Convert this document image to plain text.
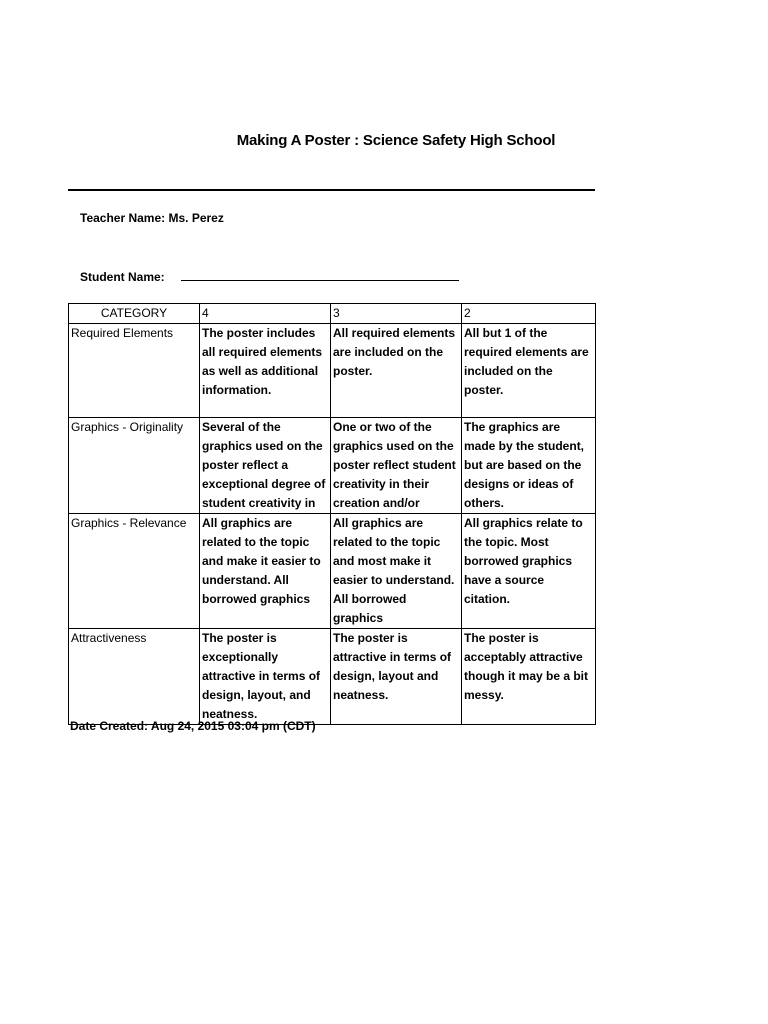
Making A Poster : Science Safety High School
Teacher Name: Ms. Perez
Student Name:
CATEGORY	4	3	2
Required Elements	The poster includes all required elements as well as additional information.	All required elements are included on the poster.	All but 1 of the required elements are included on the poster.
Graphics - Originality	Several of the graphics used on the poster reflect a exceptional degree of student creativity in	One or two of the graphics used on the poster reflect student creativity in their creation and/or	The graphics are made by the student, but are based on the designs or ideas of others.
Graphics - Relevance	All graphics are related to the topic and make it easier to understand. All borrowed graphics	All graphics are related to the topic and most make it easier to understand. All borrowed graphics	All graphics relate to the topic. Most borrowed graphics have a source citation.
Attractiveness	The poster is exceptionally attractive in terms of design, layout, and neatness.	The poster is attractive in terms of design, layout and neatness.	The poster is acceptably attractive though it may be a bit messy.
Date Created: Aug 24, 2015 03:04 pm (CDT)
